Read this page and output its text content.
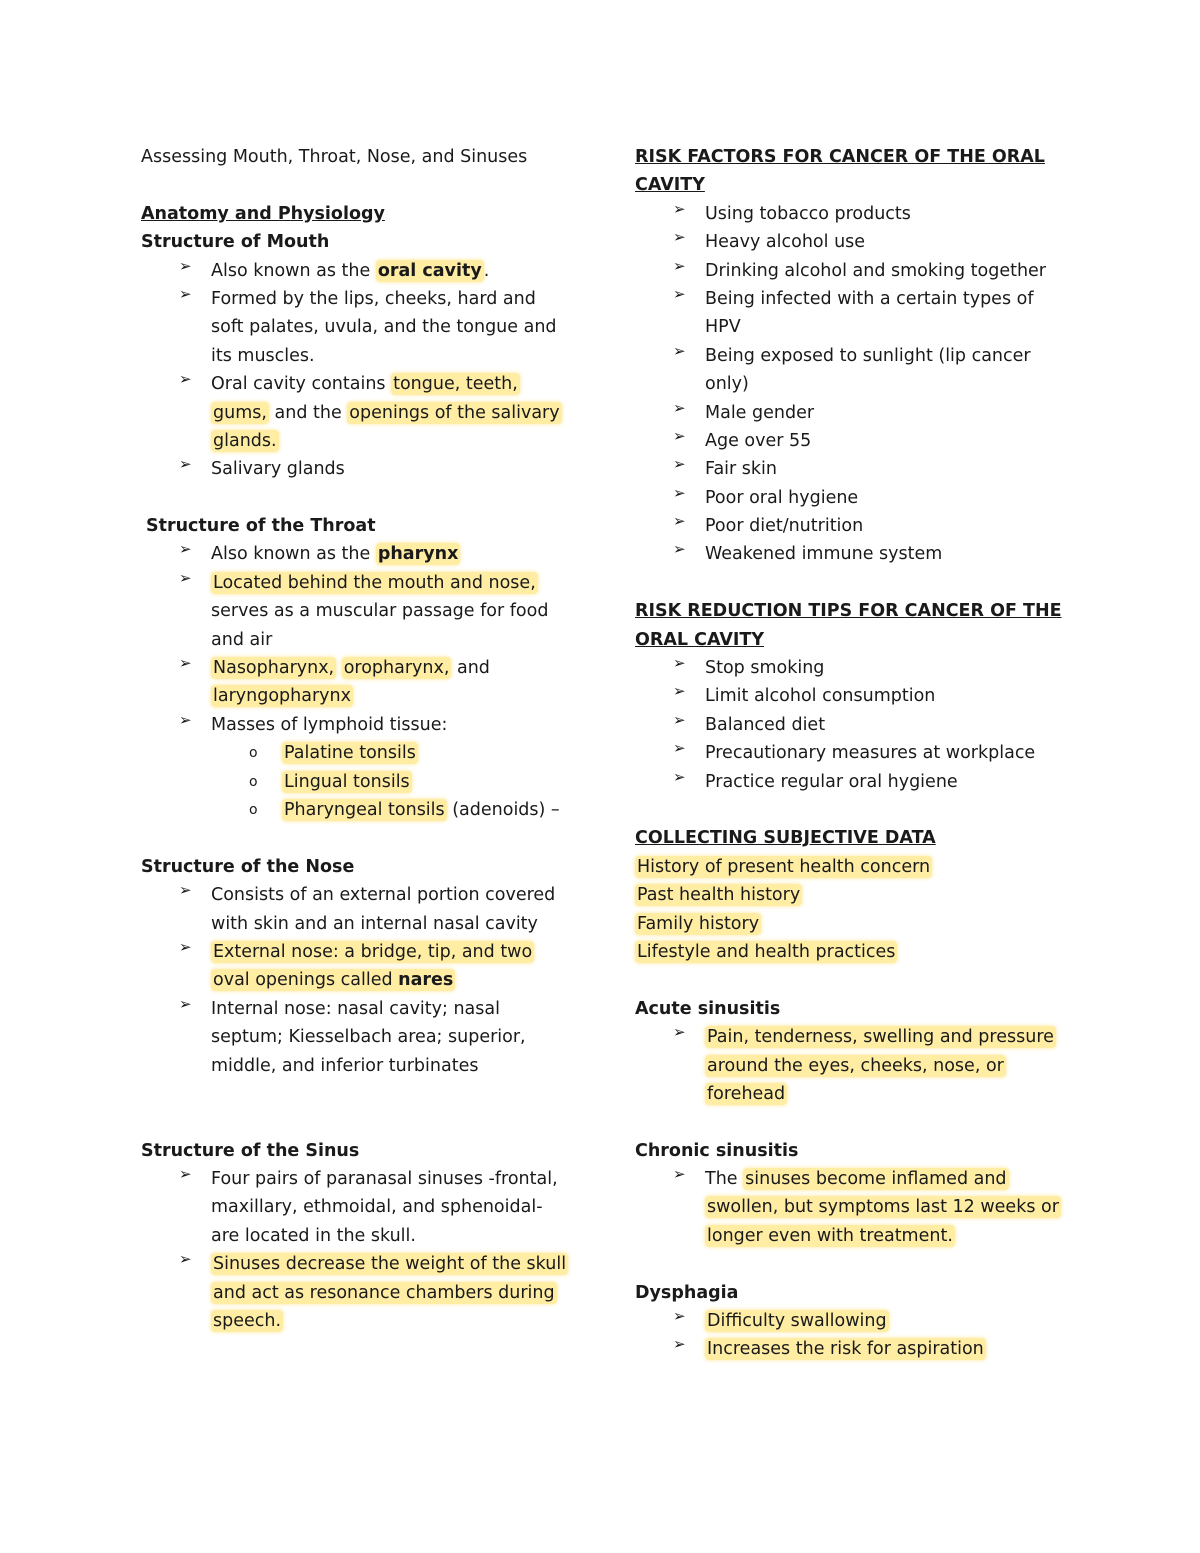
Assessing Mouth, Throat, Nose, and Sinuses
Anatomy and Physiology
Structure of Mouth
➢	Also known as the oral cavity .
➢	Formed by the lips, cheeks, hard and
soft palates, uvula, and the tongue and
its muscles.
➢	Oral cavity contains tongue, teeth,
gums, and the openings of the salivary
glands.
➢	Salivary glands
Structure of the Throat
➢	Also known as the pharynx
➢	Located behind the mouth and nose,
serves as a muscular passage for food
and air
➢	Nasopharynx, oropharynx, and
laryngopharynx
➢	Masses of lymphoid tissue:
o	Palatine tonsils
o	Lingual tonsils
o	Pharyngeal tonsils (adenoids) –
Structure of the Nose
➢	Consists of an external portion covered
with skin and an internal nasal cavity
➢	External nose: a bridge, tip, and two
oval openings called nares
➢	Internal nose: nasal cavity; nasal
septum; Kiesselbach area; superior,
middle, and inferior turbinates
Structure of the Sinus
➢	Four pairs of paranasal sinuses -frontal,
maxillary, ethmoidal, and sphenoidal-
are located in the skull.
➢	Sinuses decrease the weight of the skull
and act as resonance chambers during
speech.
RISK FACTORS FOR CANCER OF THE ORAL
CAVITY
➢	Using tobacco products
➢	Heavy alcohol use
➢	Drinking alcohol and smoking together
➢	Being infected with a certain types of
HPV
➢	Being exposed to sunlight (lip cancer
only)
➢	Male gender
➢	Age over 55
➢	Fair skin
➢	Poor oral hygiene
➢	Poor diet/nutrition
➢	Weakened immune system
RISK REDUCTION TIPS FOR CANCER OF THE
ORAL CAVITY
➢	Stop smoking
➢	Limit alcohol consumption
➢	Balanced diet
➢	Precautionary measures at workplace
➢	Practice regular oral hygiene
COLLECTING SUBJECTIVE DATA
History of present health concern
Past health history
Family history
Lifestyle and health practices
Acute sinusitis
➢	Pain, tenderness, swelling and pressure
around the eyes, cheeks, nose, or
forehead
Chronic sinusitis
➢	The sinuses become inflamed and
swollen, but symptoms last 12 weeks or
longer even with treatment.
Dysphagia
➢	Difficulty swallowing
➢	Increases the risk for aspiration
